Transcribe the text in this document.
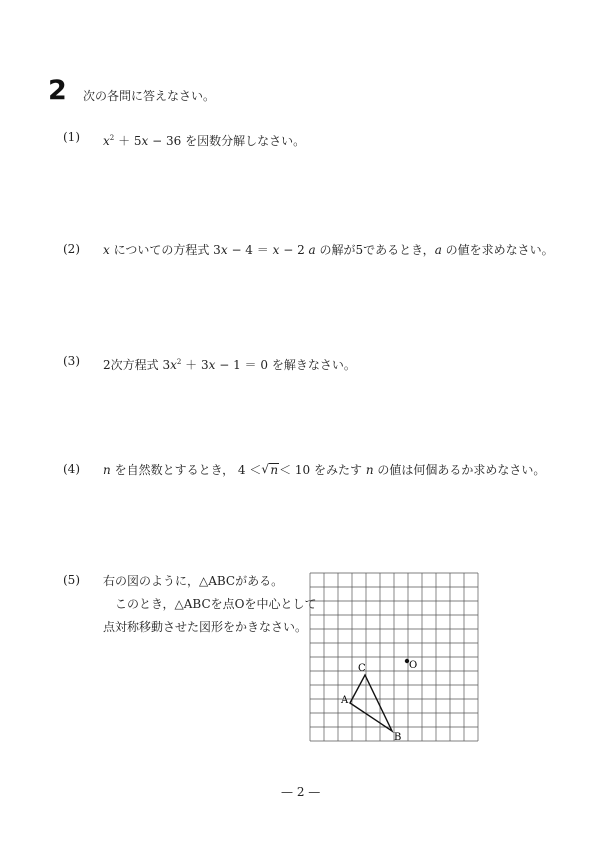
2 次の各問に答えなさい。
(1) $x^2 + 5x - 36$ を因数分解しなさい。
(2) x についての方程式 3x − 4 ＝ x − 2 a の解が5であるとき，a の値を求めなさい。
(3) 2次方程式 $3x^2 + 3x - 1 = 0$ を解きなさい。
(4) n を自然数とするとき， 4 ＜ √ n＜ 10 をみたす n の値は何個あるか求めなさい。
(5) 右の図のように，△ABCがある。
このとき，△ABCを点Oを中心として
点対称移動させた図形をかきなさい。
A
B
C	O
— 2 —
